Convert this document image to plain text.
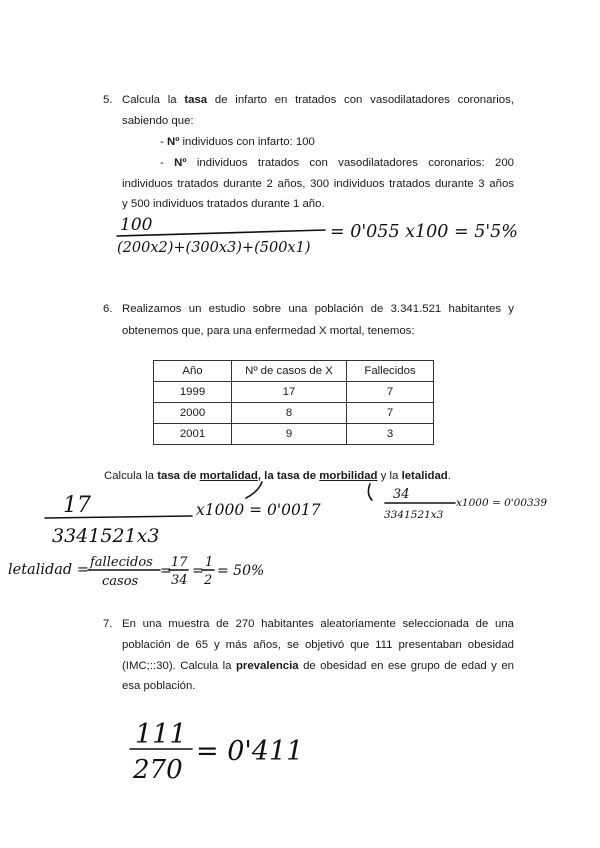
5. Calcula la tasa de infarto en tratados con vasodilatadores coronarios,
sabiendo que:
- Nº individuos con infarto: 100
- Nº individuos tratados con vasodilatadores coronarios: 200
individuos tratados durante 2 años, 300 individuos tratados durante 3 años
y 500 individuos tratados durante 1 año.
100
(200x2)+(300x3)+(500x1)
= 0'055 x100 = 5'5%
6. Realizamos un estudio sobre una población de 3.341.521 habitantes y
obtenemos que, para una enfermedad X mortal, tenemos:
Año	Nº de casos de X	Fallecidos
1999	17	7
2000	8	7
2001	9	3
Calcula la tasa de mortalidad, la tasa de morbilidad y la letalidad.
17
3341521x3
x1000 = 0'0017
34
3341521x3
x1000 = 0'00339
letalidad = fallecidos
casos
=
17
34
=
1
2
= 50%
7. En una muestra de 270 habitantes aleatoriamente seleccionada de una
población de 65 y más años, se objetivó que 111 presentaban obesidad
(IMC;::30). Calcula la prevalencia de obesidad en ese grupo de edad y en
esa población.
111
270
= 0'411
